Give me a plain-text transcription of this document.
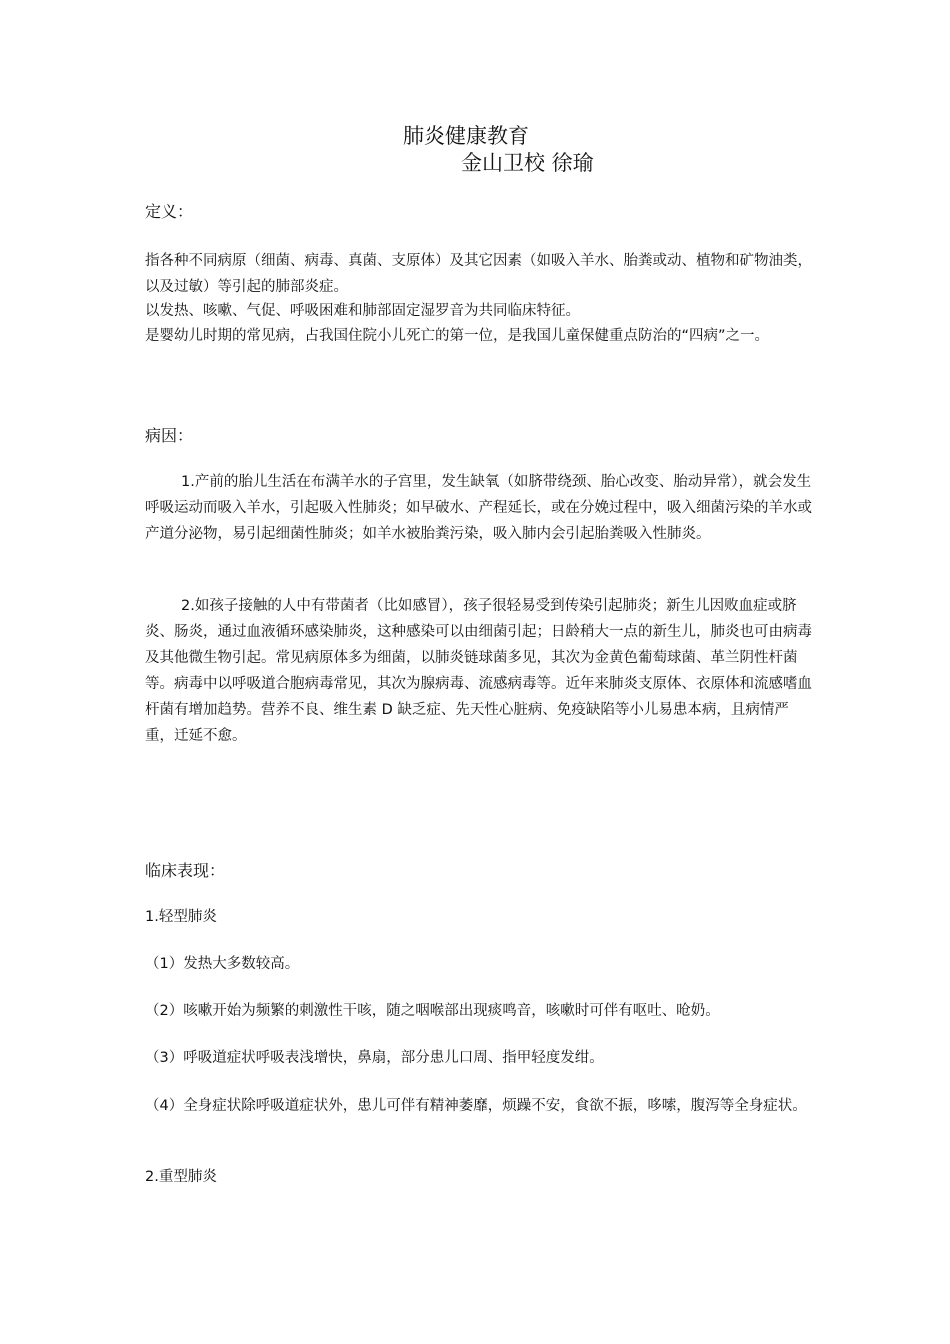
肺炎健康教育
金山卫校 徐瑜
定义：

指各种不同病原（细菌、病毒、真菌、支原体）及其它因素（如吸入羊水、胎粪或动、植物和矿物油类，以及过敏）等引起的肺部炎症。

以发热、咳嗽、气促、呼吸困难和肺部固定湿罗音为共同临床特征。

是婴幼儿时期的常见病，占我国住院小儿死亡的第一位，是我国儿童保健重点防治的“四病”之一。

病因：

1.产前的胎儿生活在布满羊水的子宫里，发生缺氧（如脐带绕颈、胎心改变、胎动异常），就会发生呼吸运动而吸入羊水，引起吸入性肺炎；如早破水、产程延长，或在分娩过程中，吸入细菌污染的羊水或产道分泌物，易引起细菌性肺炎；如羊水被胎粪污染，吸入肺内会引起胎粪吸入性肺炎。

2.如孩子接触的人中有带菌者（比如感冒），孩子很轻易受到传染引起肺炎；新生儿因败血症或脐炎、肠炎，通过血液循环感染肺炎，这种感染可以由细菌引起；日龄稍大一点的新生儿，肺炎也可由病毒及其他微生物引起。常见病原体多为细菌，以肺炎链球菌多见，其次为金黄色葡萄球菌、革兰阴性杆菌等。病毒中以呼吸道合胞病毒常见，其次为腺病毒、流感病毒等。近年来肺炎支原体、衣原体和流感嗜血杆菌有增加趋势。营养不良、维生素 D 缺乏症、先天性心脏病、免疫缺陷等小儿易患本病，且病情严重，迁延不愈。

临床表现：
1.轻型肺炎
（1）发热大多数较高。
（2）咳嗽开始为频繁的刺激性干咳，随之咽喉部出现痰鸣音，咳嗽时可伴有呕吐、呛奶。
（3）呼吸道症状呼吸表浅增快，鼻扇，部分患儿口周、指甲轻度发绀。

（4）全身症状除呼吸道症状外，患儿可伴有精神萎靡，烦躁不安，食欲不振，哆嗦，腹泻等全身症状。

2.重型肺炎
